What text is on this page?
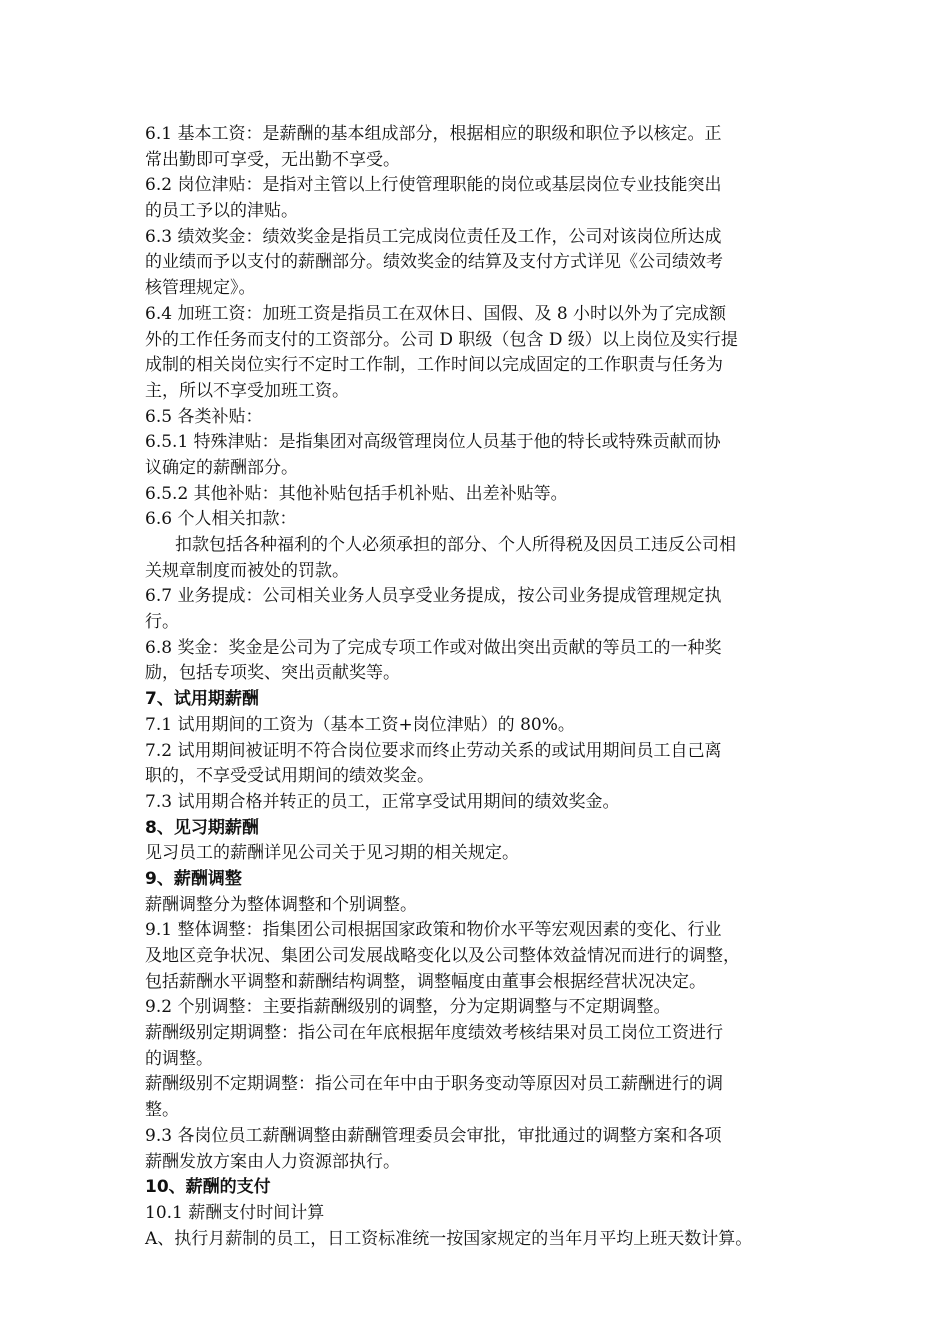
6.1 基本工资：是薪酬的基本组成部分，根据相应的职级和职位予以核定。正
常出勤即可享受，无出勤不享受。
6.2 岗位津贴：是指对主管以上行使管理职能的岗位或基层岗位专业技能突出
的员工予以的津贴。
6.3 绩效奖金：绩效奖金是指员工完成岗位责任及工作，公司对该岗位所达成
的业绩而予以支付的薪酬部分。绩效奖金的结算及支付方式详见《公司绩效考
核管理规定》。
6.4 加班工资：加班工资是指员工在双休日、国假、及 8 小时以外为了完成额
外的工作任务而支付的工资部分。公司 D 职级（包含 D 级）以上岗位及实行提
成制的相关岗位实行不定时工作制，工作时间以完成固定的工作职责与任务为
主，所以不享受加班工资。
6.5 各类补贴：
6.5.1 特殊津贴：是指集团对高级管理岗位人员基于他的特长或特殊贡献而协
议确定的薪酬部分。
6.5.2 其他补贴：其他补贴包括手机补贴、出差补贴等。
6.6 个人相关扣款：
扣款包括各种福利的个人必须承担的部分、个人所得税及因员工违反公司相
关规章制度而被处的罚款。
6.7 业务提成：公司相关业务人员享受业务提成，按公司业务提成管理规定执
行。
6.8 奖金：奖金是公司为了完成专项工作或对做出突出贡献的等员工的一种奖
励，包括专项奖、突出贡献奖等。
7、试用期薪酬
7.1 试用期间的工资为（基本工资+岗位津贴）的 80%。
7.2 试用期间被证明不符合岗位要求而终止劳动关系的或试用期间员工自己离
职的，不享受受试用期间的绩效奖金。
7.3 试用期合格并转正的员工，正常享受试用期间的绩效奖金。
8、见习期薪酬
见习员工的薪酬详见公司关于见习期的相关规定。
9、薪酬调整
薪酬调整分为整体调整和个别调整。
9.1 整体调整：指集团公司根据国家政策和物价水平等宏观因素的变化、行业
及地区竞争状况、集团公司发展战略变化以及公司整体效益情况而进行的调整，
包括薪酬水平调整和薪酬结构调整，调整幅度由董事会根据经营状况决定。
9.2 个别调整：主要指薪酬级别的调整，分为定期调整与不定期调整。
薪酬级别定期调整：指公司在年底根据年度绩效考核结果对员工岗位工资进行
的调整。
薪酬级别不定期调整：指公司在年中由于职务变动等原因对员工薪酬进行的调
整。
9.3 各岗位员工薪酬调整由薪酬管理委员会审批，审批通过的调整方案和各项
薪酬发放方案由人力资源部执行。
10、薪酬的支付
10.1 薪酬支付时间计算
A、执行月薪制的员工，日工资标准统一按国家规定的当年月平均上班天数计算。
